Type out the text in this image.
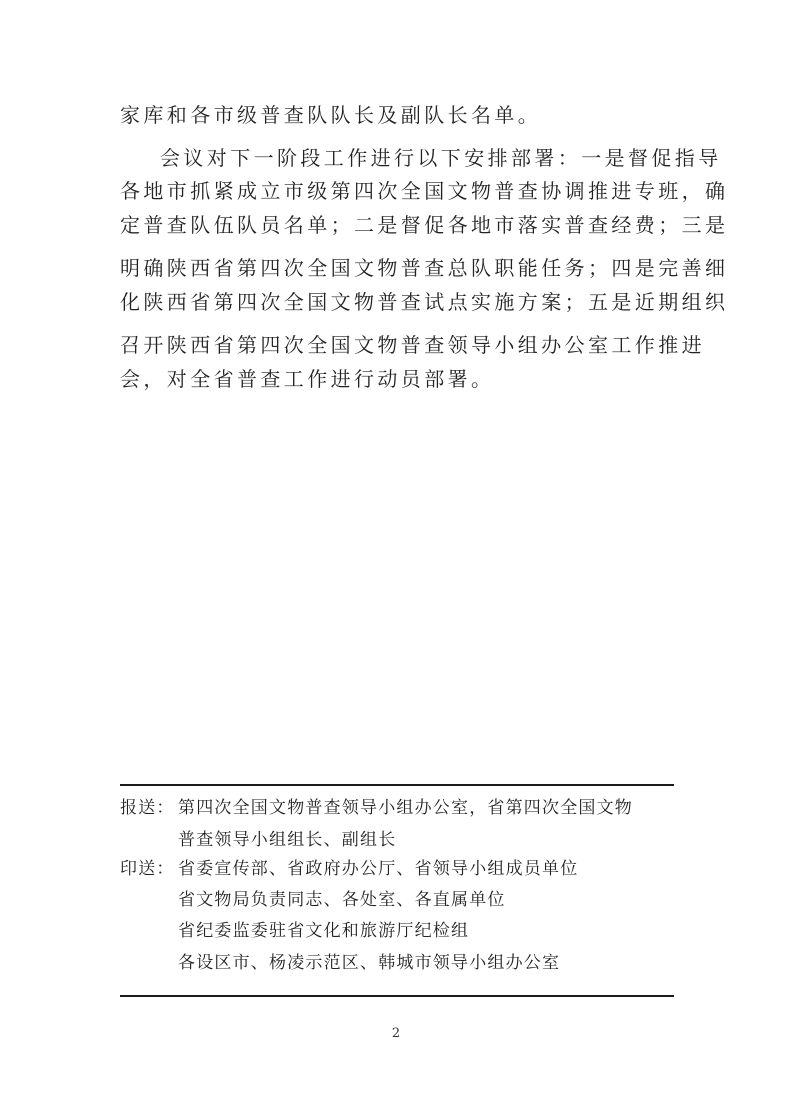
家库和各市级普查队队长及副队长名单。
会议对下一阶段工作进行以下安排部署：一是督促指导
各地市抓紧成立市级第四次全国文物普查协调推进专班，确
定普查队伍队员名单；二是督促各地市落实普查经费；三是
明确陕西省第四次全国文物普查总队职能任务；四是完善细
化陕西省第四次全国文物普查试点实施方案；五是近期组织
召开陕西省第四次全国文物普查领导小组办公室工作推进
会，对全省普查工作进行动员部署。
报送： 第四次全国文物普查领导小组办公室，省第四次全国文物
普查领导小组组长、副组长
印送： 省委宣传部、省政府办公厅、省领导小组成员单位
省文物局负责同志、各处室、各直属单位
省纪委监委驻省文化和旅游厅纪检组
各设区市、杨凌示范区、韩城市领导小组办公室
2
